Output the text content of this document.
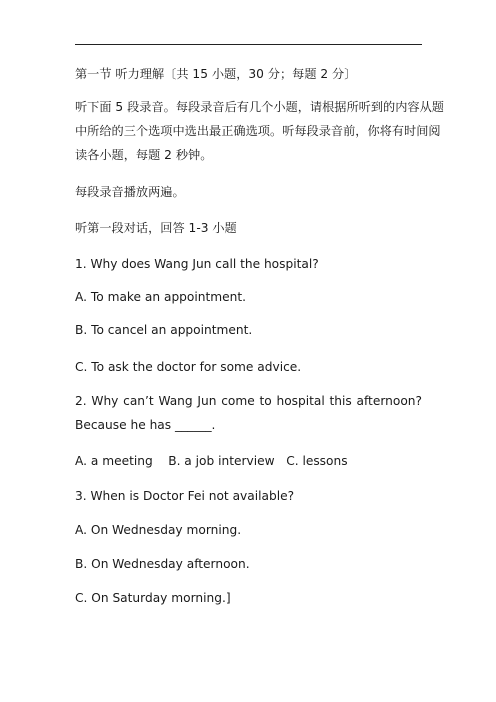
第一节 听力理解〔共 15 小题，30 分；每题 2 分〕
听下面 5 段录音。每段录音后有几个小题，请根据所听到的内容从题
中所给的三个选项中选出最正确选项。听每段录音前，你将有时间阅
读各小题，每题 2 秒钟。
每段录音播放两遍。
听第一段对话，回答 1-3 小题
1. Why does Wang Jun call the hospital?
A. To make an appointment.
B. To cancel an appointment.
C. To ask the doctor for some advice.
2. Why can’t Wang Jun come to hospital this afternoon?
Because he has ______.
A. a meeting    B. a job interview   C. lessons
3. When is Doctor Fei not available?
A. On Wednesday morning.
B. On Wednesday afternoon.
C. On Saturday morning.]
